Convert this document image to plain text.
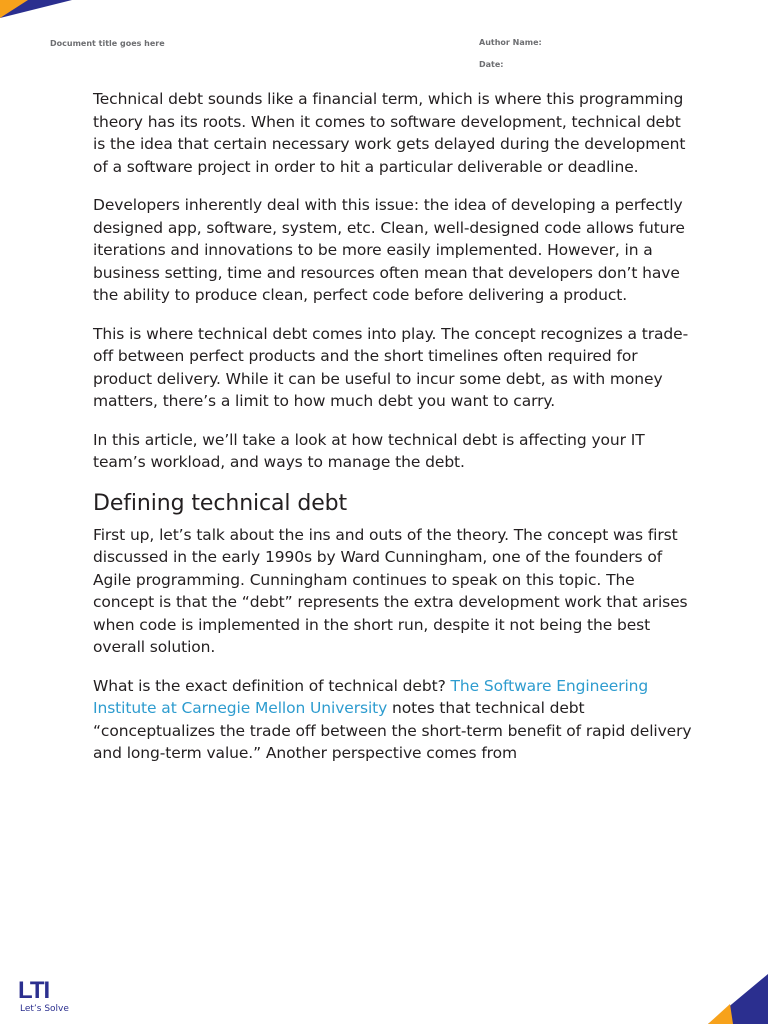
Document title goes here	Author Name:
Date:

Technical debt sounds like a financial term, which is where this programming theory has its roots. When it comes to software development, technical debt is the idea that certain necessary work gets delayed during the development of a software project in order to hit a particular deliverable or deadline.

Developers inherently deal with this issue: the idea of developing a perfectly designed app, software, system, etc. Clean, well-designed code allows future iterations and innovations to be more easily implemented. However, in a business setting, time and resources often mean that developers don’t have the ability to produce clean, perfect code before delivering a product.

This is where technical debt comes into play. The concept recognizes a trade-off between perfect products and the short timelines often required for product delivery. While it can be useful to incur some debt, as with money matters, there’s a limit to how much debt you want to carry.

In this article, we’ll take a look at how technical debt is affecting your IT team’s workload, and ways to manage the debt.

Defining technical debt

First up, let’s talk about the ins and outs of the theory. The concept was first discussed in the early 1990s by Ward Cunningham, one of the founders of Agile programming. Cunningham continues to speak on this topic. The concept is that the “debt” represents the extra development work that arises when code is implemented in the short run, despite it not being the best overall solution.

What is the exact definition of technical debt? The Software Engineering Institute at Carnegie Mellon University notes that technical debt “conceptualizes the trade off between the short-term benefit of rapid delivery and long-term value.” Another perspective comes from

LTI
Let’s Solve
